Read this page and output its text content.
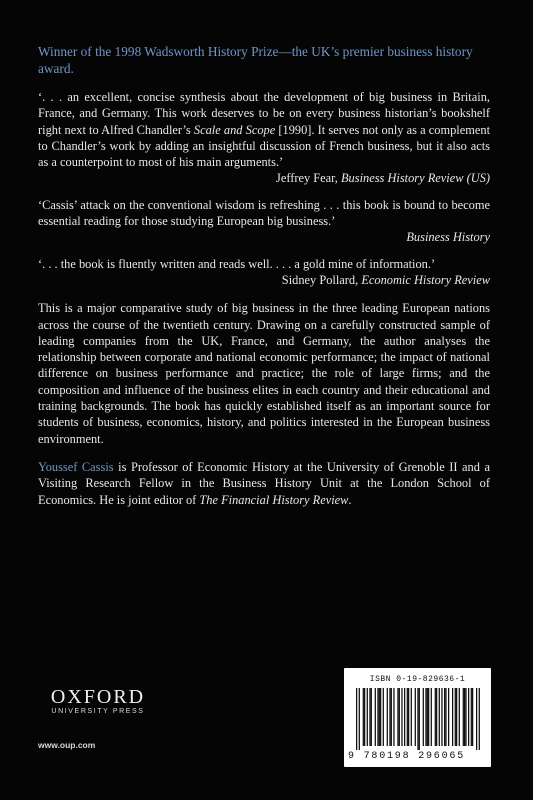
Winner of the 1998 Wadsworth History Prize—the UK’s premier business history award.

‘. . . an excellent, concise synthesis about the development of big business in Britain, France, and Germany. This work deserves to be on every business historian’s bookshelf right next to Alfred Chandler’s Scale and Scope [1990]. It serves not only as a complement to Chandler’s work by adding an insightful discussion of French business, but it also acts as a counterpoint to most of his main arguments.’
Jeffrey Fear, Business History Review (US)

‘Cassis’ attack on the conventional wisdom is refreshing . . . this book is bound to become essential reading for those studying European big business.’
Business History

‘. . . the book is fluently written and reads well. . . . a gold mine of information.’
Sidney Pollard, Economic History Review

This is a major comparative study of big business in the three leading European nations across the course of the twentieth century. Drawing on a carefully constructed sample of leading companies from the UK, France, and Germany, the author analyses the relationship between corporate and national economic performance; the impact of national difference on business performance and practice; the role of large firms; and the composition and influence of the business elites in each country and their educational and training backgrounds. The book has quickly established itself as an important source for students of business, economics, history, and politics interested in the European business environment.

Youssef Cassis is Professor of Economic History at the University of Grenoble II and a Visiting Research Fellow in the Business History Unit at the London School of Economics. He is joint editor of The Financial History Review.

OXFORD
UNIVERSITY PRESS
www.oup.com
ISBN 0-19-829636-1
9 780198 296065
